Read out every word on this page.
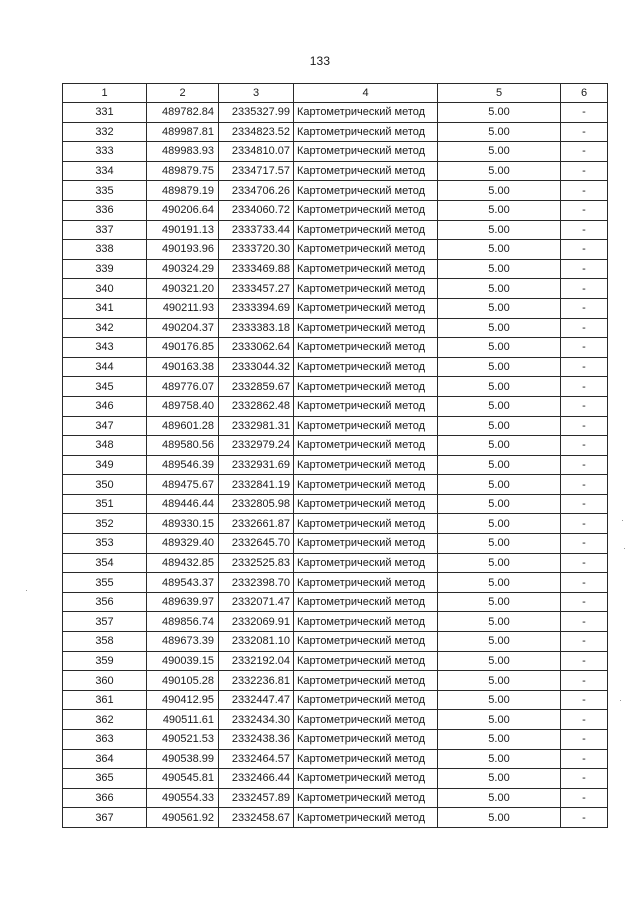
133
1	2	3	4	5	6
331	489782.84	2335327.99	Картометрический метод	5.00	-
332	489987.81	2334823.52	Картометрический метод	5.00	-
333	489983.93	2334810.07	Картометрический метод	5.00	-
334	489879.75	2334717.57	Картометрический метод	5.00	-
335	489879.19	2334706.26	Картометрический метод	5.00	-
336	490206.64	2334060.72	Картометрический метод	5.00	-
337	490191.13	2333733.44	Картометрический метод	5.00	-
338	490193.96	2333720.30	Картометрический метод	5.00	-
339	490324.29	2333469.88	Картометрический метод	5.00	-
340	490321.20	2333457.27	Картометрический метод	5.00	-
341	490211.93	2333394.69	Картометрический метод	5.00	-
342	490204.37	2333383.18	Картометрический метод	5.00	-
343	490176.85	2333062.64	Картометрический метод	5.00	-
344	490163.38	2333044.32	Картометрический метод	5.00	-
345	489776.07	2332859.67	Картометрический метод	5.00	-
346	489758.40	2332862.48	Картометрический метод	5.00	-
347	489601.28	2332981.31	Картометрический метод	5.00	-
348	489580.56	2332979.24	Картометрический метод	5.00	-
349	489546.39	2332931.69	Картометрический метод	5.00	-
350	489475.67	2332841.19	Картометрический метод	5.00	-
351	489446.44	2332805.98	Картометрический метод	5.00	-
352	489330.15	2332661.87	Картометрический метод	5.00	-
353	489329.40	2332645.70	Картометрический метод	5.00	-
354	489432.85	2332525.83	Картометрический метод	5.00	-
355	489543.37	2332398.70	Картометрический метод	5.00	-
356	489639.97	2332071.47	Картометрический метод	5.00	-
357	489856.74	2332069.91	Картометрический метод	5.00	-
358	489673.39	2332081.10	Картометрический метод	5.00	-
359	490039.15	2332192.04	Картометрический метод	5.00	-
360	490105.28	2332236.81	Картометрический метод	5.00	-
361	490412.95	2332447.47	Картометрический метод	5.00	-
362	490511.61	2332434.30	Картометрический метод	5.00	-
363	490521.53	2332438.36	Картометрический метод	5.00	-
364	490538.99	2332464.57	Картометрический метод	5.00	-
365	490545.81	2332466.44	Картометрический метод	5.00	-
366	490554.33	2332457.89	Картометрический метод	5.00	-
367	490561.92	2332458.67	Картометрический метод	5.00	-
